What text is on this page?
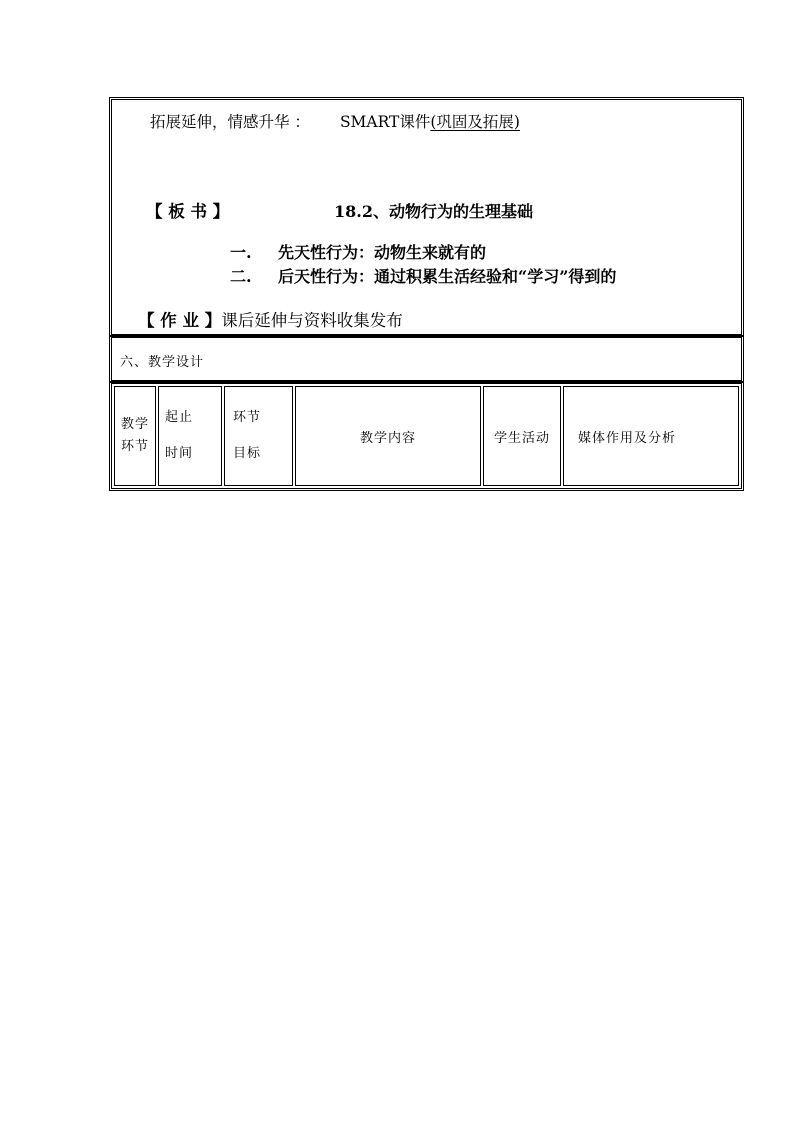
拓展延伸，情感升华 ： SMART课件(巩固及拓展)
【 板 书 】	18.2、动物行为的生理基础
一. 先天性行为：动物生来就有的
二. 后天性行为：通过积累生活经验和“学习”得到的
【 作 业 】课后延伸与资料收集发布
六、教学设计
教学
环节

起止
时间

环节
目标
	教学内容	学生活动	媒体作用及分析
